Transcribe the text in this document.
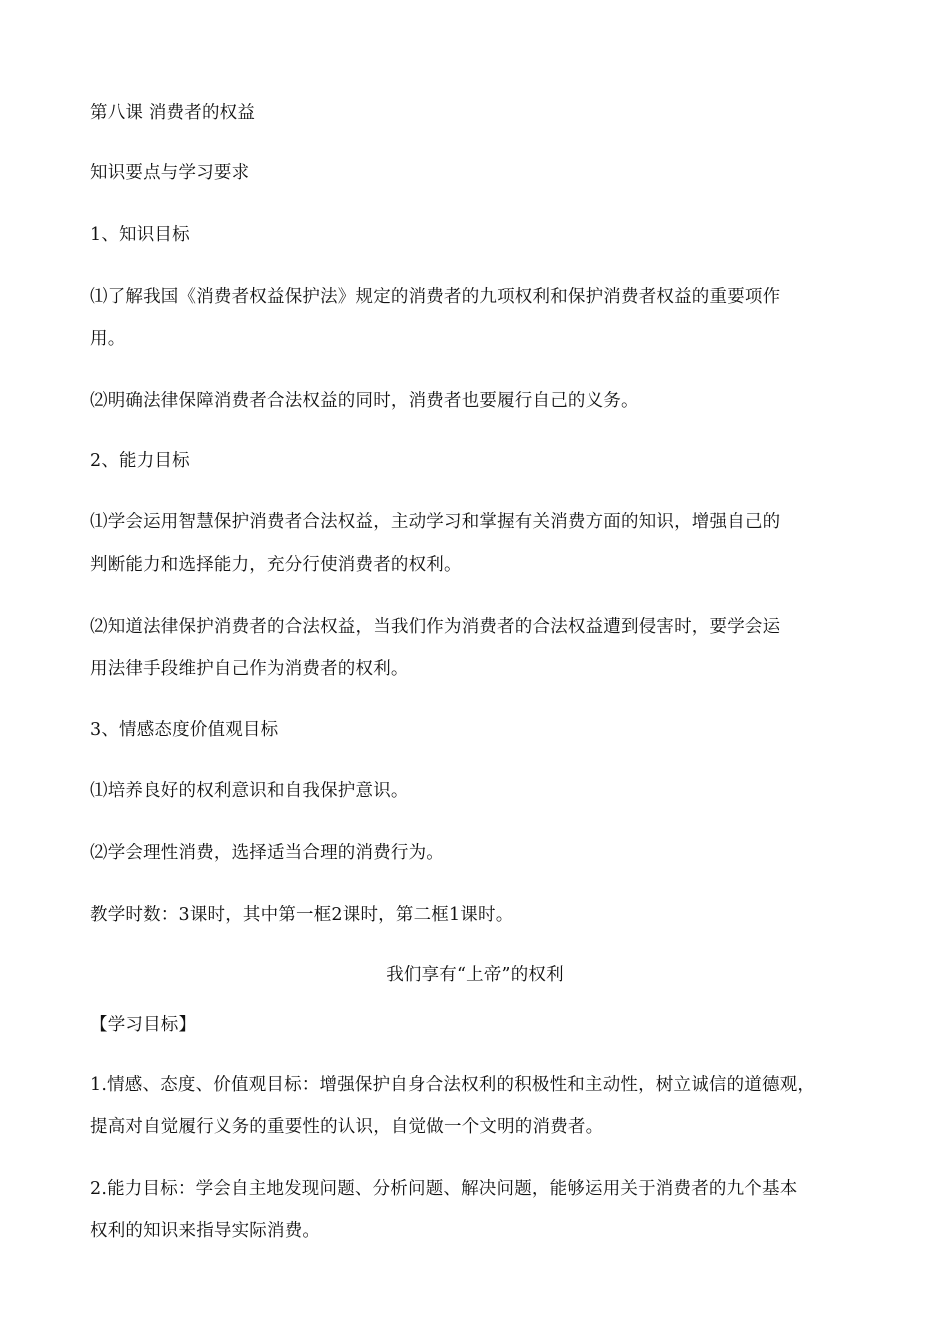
第八课 消费者的权益
知识要点与学习要求
1、知识目标
⑴了解我国《消费者权益保护法》规定的消费者的九项权利和保护消费者权益的重要项作
用。
⑵明确法律保障消费者合法权益的同时，消费者也要履行自己的义务。
2、能力目标
⑴学会运用智慧保护消费者合法权益，主动学习和掌握有关消费方面的知识，增强自己的
判断能力和选择能力，充分行使消费者的权利。
⑵知道法律保护消费者的合法权益，当我们作为消费者的合法权益遭到侵害时，要学会运
用法律手段维护自己作为消费者的权利。
3、情感态度价值观目标
⑴培养良好的权利意识和自我保护意识。
⑵学会理性消费，选择适当合理的消费行为。
教学时数：3课时，其中第一框2课时，第二框1课时。
我们享有“上帝”的权利
【学习目标】
1.情感、态度、价值观目标：增强保护自身合法权利的积极性和主动性，树立诚信的道德观，
提高对自觉履行义务的重要性的认识，自觉做一个文明的消费者。
2.能力目标：学会自主地发现问题、分析问题、解决问题，能够运用关于消费者的九个基本
权利的知识来指导实际消费。
